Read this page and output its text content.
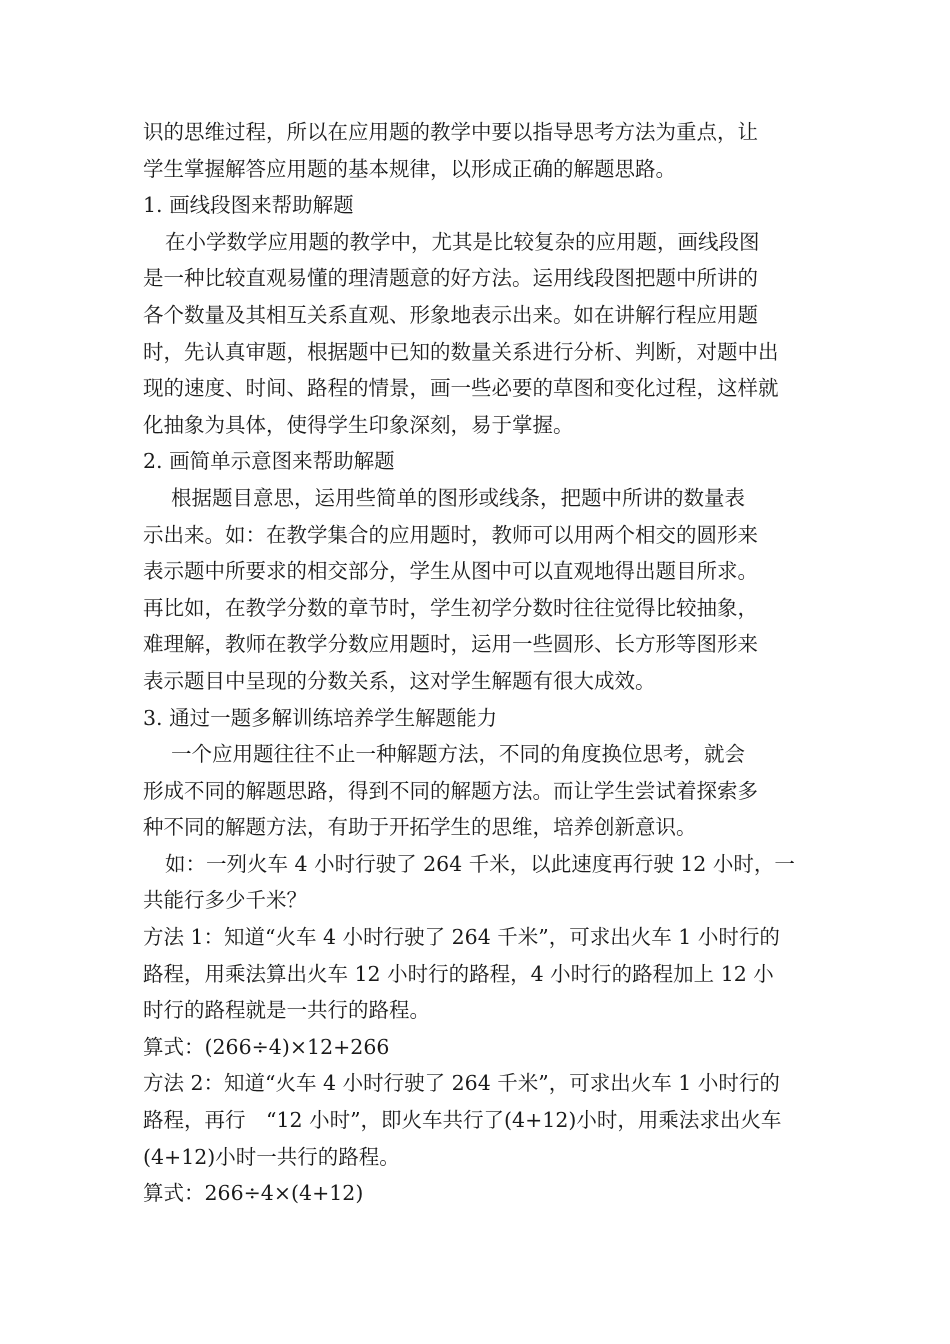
识的思维过程，所以在应用题的教学中要以指导思考方法为重点，让
学生掌握解答应用题的基本规律，以形成正确的解题思路。
1. 画线段图来帮助解题
在小学数学应用题的教学中，尤其是比较复杂的应用题，画线段图
是一种比较直观易懂的理清题意的好方法。运用线段图把题中所讲的
各个数量及其相互关系直观、形象地表示出来。如在讲解行程应用题
时，先认真审题，根据题中已知的数量关系进行分析、判断，对题中出
现的速度、时间、路程的情景，画一些必要的草图和变化过程，这样就
化抽象为具体，使得学生印象深刻，易于掌握。
2. 画简单示意图来帮助解题
根据题目意思，运用些简单的图形或线条，把题中所讲的数量表
示出来。如：在教学集合的应用题时，教师可以用两个相交的圆形来
表示题中所要求的相交部分，学生从图中可以直观地得出题目所求。
再比如，在教学分数的章节时，学生初学分数时往往觉得比较抽象，
难理解，教师在教学分数应用题时，运用一些圆形、长方形等图形来
表示题目中呈现的分数关系，这对学生解题有很大成效。
3. 通过一题多解训练培养学生解题能力
一个应用题往往不止一种解题方法，不同的角度换位思考，就会
形成不同的解题思路，得到不同的解题方法。而让学生尝试着探索多
种不同的解题方法，有助于开拓学生的思维，培养创新意识。
如：一列火车 4 小时行驶了 264 千米，以此速度再行驶 12 小时，一
共能行多少千米？
方法 1：知道“火车 4 小时行驶了 264 千米”，可求出火车 1 小时行的
路程，用乘法算出火车 12 小时行的路程，4 小时行的路程加上 12 小
时行的路程就是一共行的路程。
算式：(266÷4)×12+266
方法 2：知道“火车 4 小时行驶了 264 千米”，可求出火车 1 小时行的
路程，再行　“12 小时”，即火车共行了(4+12)小时，用乘法求出火车
(4+12)小时一共行的路程。
算式：266÷4×(4+12)
